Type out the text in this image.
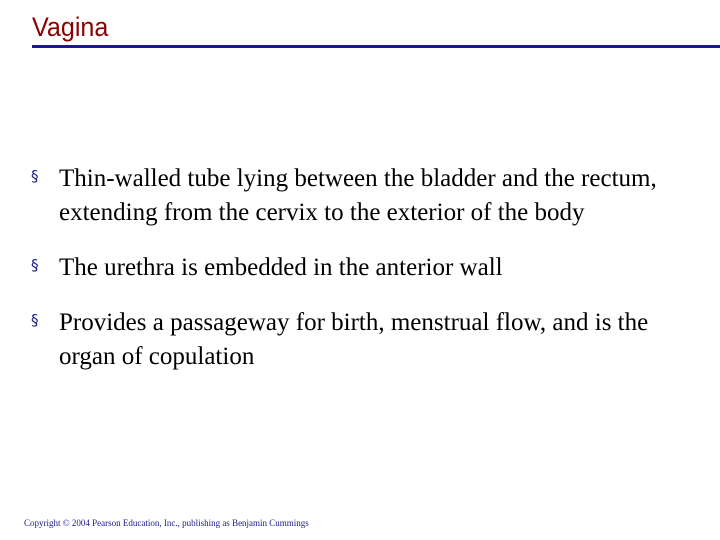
Vagina
§ Thin-walled tube lying between the bladder and the rectum, extending from the cervix to the exterior of the body
§ The urethra is embedded in the anterior wall
§ Provides a passageway for birth, menstrual flow, and is the organ of copulation
Copyright © 2004 Pearson Education, Inc., publishing as Benjamin Cummings
